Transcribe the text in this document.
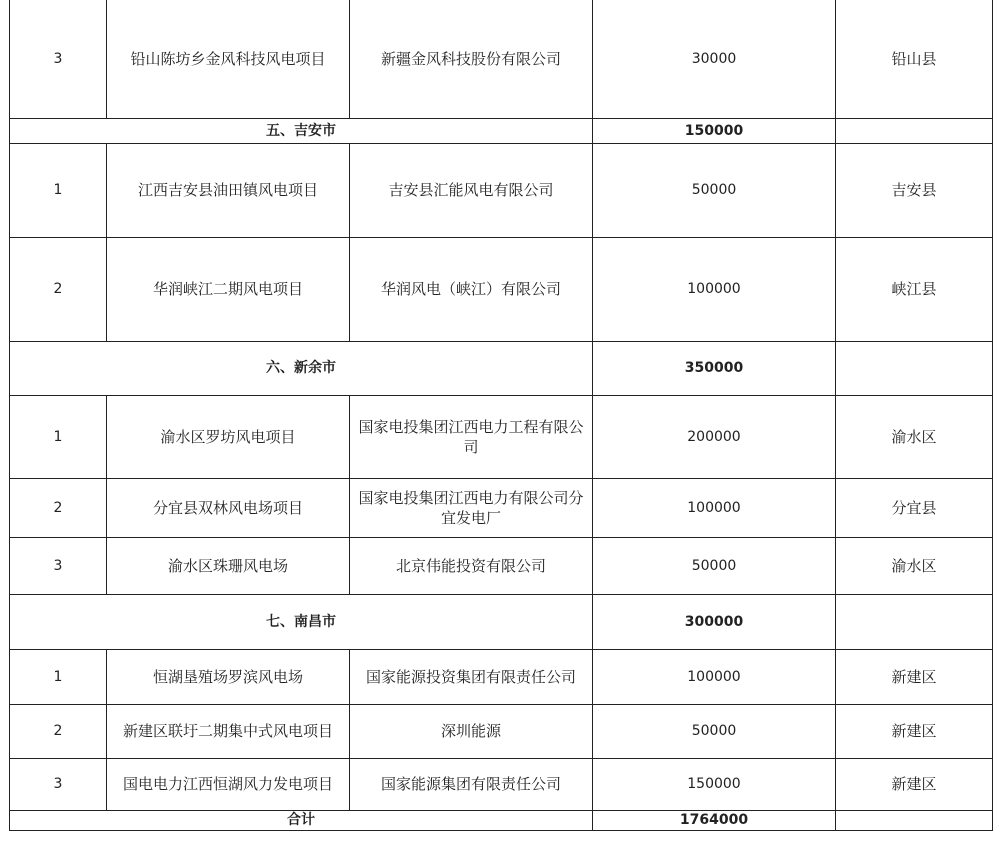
3	铅山陈坊乡金风科技风电项目	新疆金风科技股份有限公司	30000	铅山县
五、吉安市			150000	
1	江西吉安县油田镇风电项目	吉安县汇能风电有限公司	50000	吉安县
2	华润峡江二期风电项目	华润风电（峡江）有限公司	100000	峡江县
六、新余市			350000	
1	渝水区罗坊风电项目	国家电投集团江西电力工程有限公司	200000	渝水区
2	分宜县双林风电场项目	国家电投集团江西电力有限公司分宜发电厂	100000	分宜县
3	渝水区珠珊风电场	北京伟能投资有限公司	50000	渝水区
七、南昌市			300000	
1	恒湖垦殖场罗滨风电场	国家能源投资集团有限责任公司	100000	新建区
2	新建区联圩二期集中式风电项目	深圳能源	50000	新建区
3	国电电力江西恒湖风力发电项目	国家能源集团有限责任公司	150000	新建区
合计			1764000	
